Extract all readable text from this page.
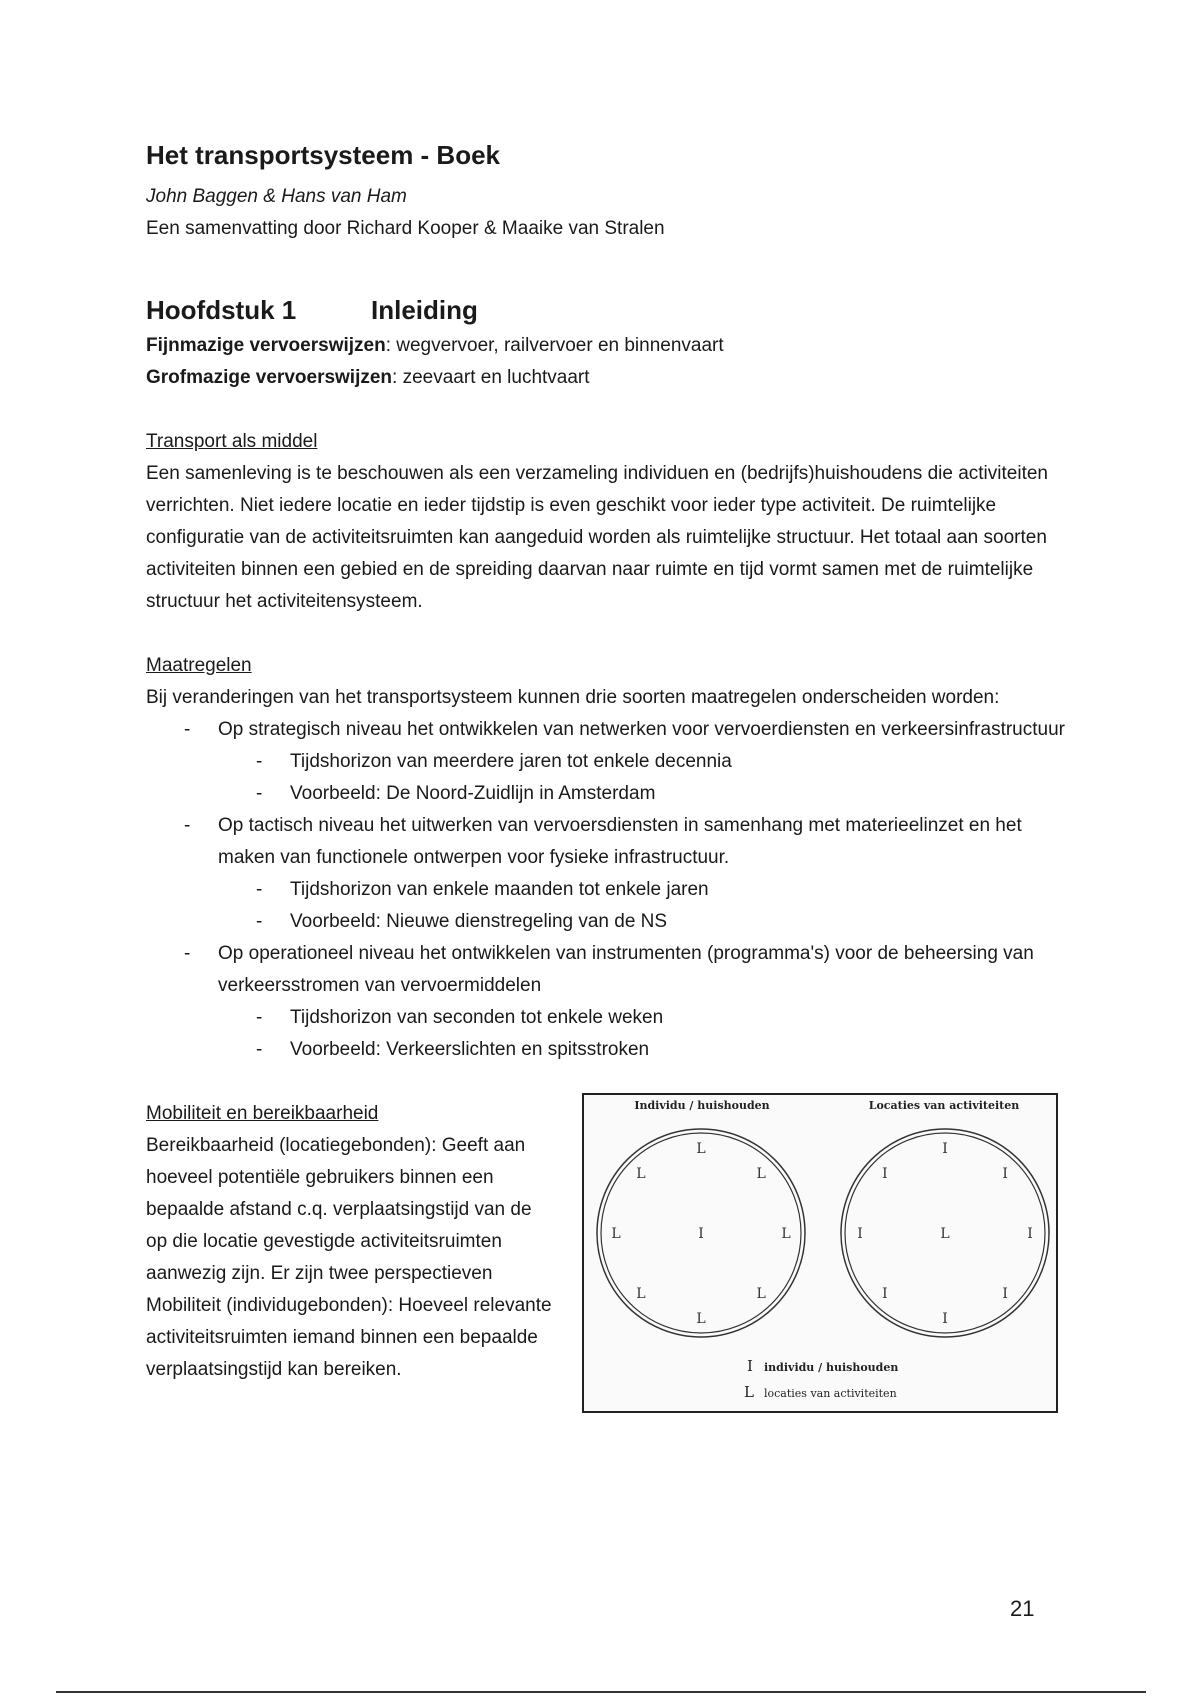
Het transportsysteem - Boek
John Baggen & Hans van Ham
Een samenvatting door Richard Kooper & Maaike van Stralen
Hoofdstuk 1	Inleiding
Fijnmazige vervoerswijzen: wegvervoer, railvervoer en binnenvaart
Grofmazige vervoerswijzen: zeevaart en luchtvaart
Transport als middel
Een samenleving is te beschouwen als een verzameling individuen en (bedrijfs)huishoudens die activiteiten verrichten. Niet iedere locatie en ieder tijdstip is even geschikt voor ieder type activiteit. De ruimtelijke configuratie van de activiteitsruimten kan aangeduid worden als ruimtelijke structuur. Het totaal aan soorten activiteiten binnen een gebied en de spreiding daarvan naar ruimte en tijd vormt samen met de ruimtelijke structuur het activiteitensysteem.
Maatregelen
Bij veranderingen van het transportsysteem kunnen drie soorten maatregelen onderscheiden worden:
- Op strategisch niveau het ontwikkelen van netwerken voor vervoerdiensten en verkeersinfrastructuur
- Tijdshorizon van meerdere jaren tot enkele decennia
- Voorbeeld: De Noord-Zuidlijn in Amsterdam
- Op tactisch niveau het uitwerken van vervoersdiensten in samenhang met materieelinzet en het maken van functionele ontwerpen voor fysieke infrastructuur.
- Tijdshorizon van enkele maanden tot enkele jaren
- Voorbeeld: Nieuwe dienstregeling van de NS
- Op operationeel niveau het ontwikkelen van instrumenten (programma's) voor de beheersing van verkeersstromen van vervoermiddelen
- Tijdshorizon van seconden tot enkele weken
- Voorbeeld: Verkeerslichten en spitsstroken
Mobiliteit en bereikbaarheid
Bereikbaarheid (locatiegebonden): Geeft aan hoeveel potentiële gebruikers binnen een bepaalde afstand c.q. verplaatsingstijd van de op die locatie gevestigde activiteitsruimten aanwezig zijn. Er zijn twee perspectieven Mobiliteit (individugebonden): Hoeveel relevante activiteitsruimten iemand binnen een bepaalde verplaatsingstijd kan bereiken.
Individu / huishouden	Locaties van activiteiten
I
L
L
L
L
L
L
L
L
L
I
I
I
I
I
I
I
I
I individu / huishouden
L locaties van activiteiten
21
